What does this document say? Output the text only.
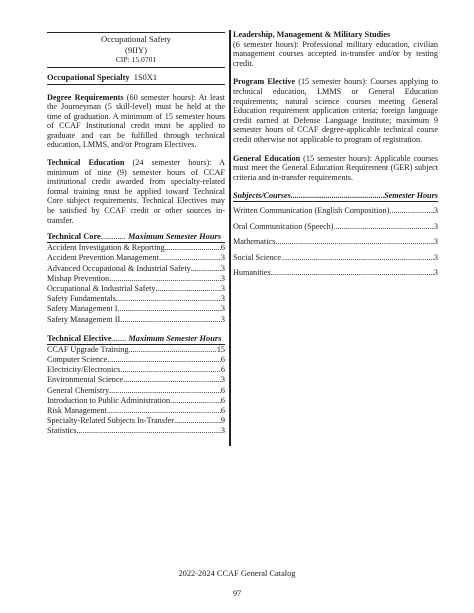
Occupational Safety
(9IIY)
CIP: 15.0701
Occupational Specialty 1S0X1

Degree Requirements (60 semester hours): At least the Journeyman (5 skill-level) must be held at the time of graduation. A minimum of 15 semester hours of CCAF Institutional credit must be applied to graduate and can be fulfilled through technical education, LMMS, and/or Program Electives.

Technical Education (24 semester hours): A minimum of nine (9) semester hours of CCAF institutional credit awarded from specialty-related formal training must be applied toward Technical Core subject requirements. Technical Electives may be satisfied by CCAF credit or other sources in-transfer.

Technical Core............ Maximum Semester Hours
Accident Investigation & Reporting .....	6
Accident Prevention Management .....	3
Advanced Occupational & Industrial Safety .....	3
Mishap Prevention .....	3
Occupational & Industrial Safety .....	3
Safety Fundamentals .....	3
Safety Management I .....	3
Safety Management II .....	3
Technical Elective....... Maximum Semester Hours
CCAF Upgrade Training .....	15
Computer Science .....	6
Electricity/Electronics .....	6
Environmental Science .....	3
General Chemistry .....	6
Introduction to Public Administration .....	6
Risk Management .....	6
Specialty-Related Subjects In-Transfer .....	9
Statistics .....	3

Leadership, Management & Military Studies
(6 semester hours): Professional military education, civilian management courses accepted in-transfer and/or by testing credit.

Program Elective (15 semester hours): Courses applying to technical education, LMMS or General Education requirements; natural science courses meeting General Education requirement application criteria; foreign language credit earned at Defense Language Institute; maximum 9 semester hours of CCAF degree-applicable technical course credit otherwise not applicable to program of registration.

General Education (15 semester hours): Applicable courses must meet the General Education Requirement (GER) subject criteria and in-transfer requirements.

Subjects/Courses .....	Semester Hours
Written Communication (English Composition) .....	3
Oral Communication (Speech) .....	3
Mathematics .....	3
Social Science .....	3
Humanities .....	3
2022-2024 CCAF General Catalog
97
